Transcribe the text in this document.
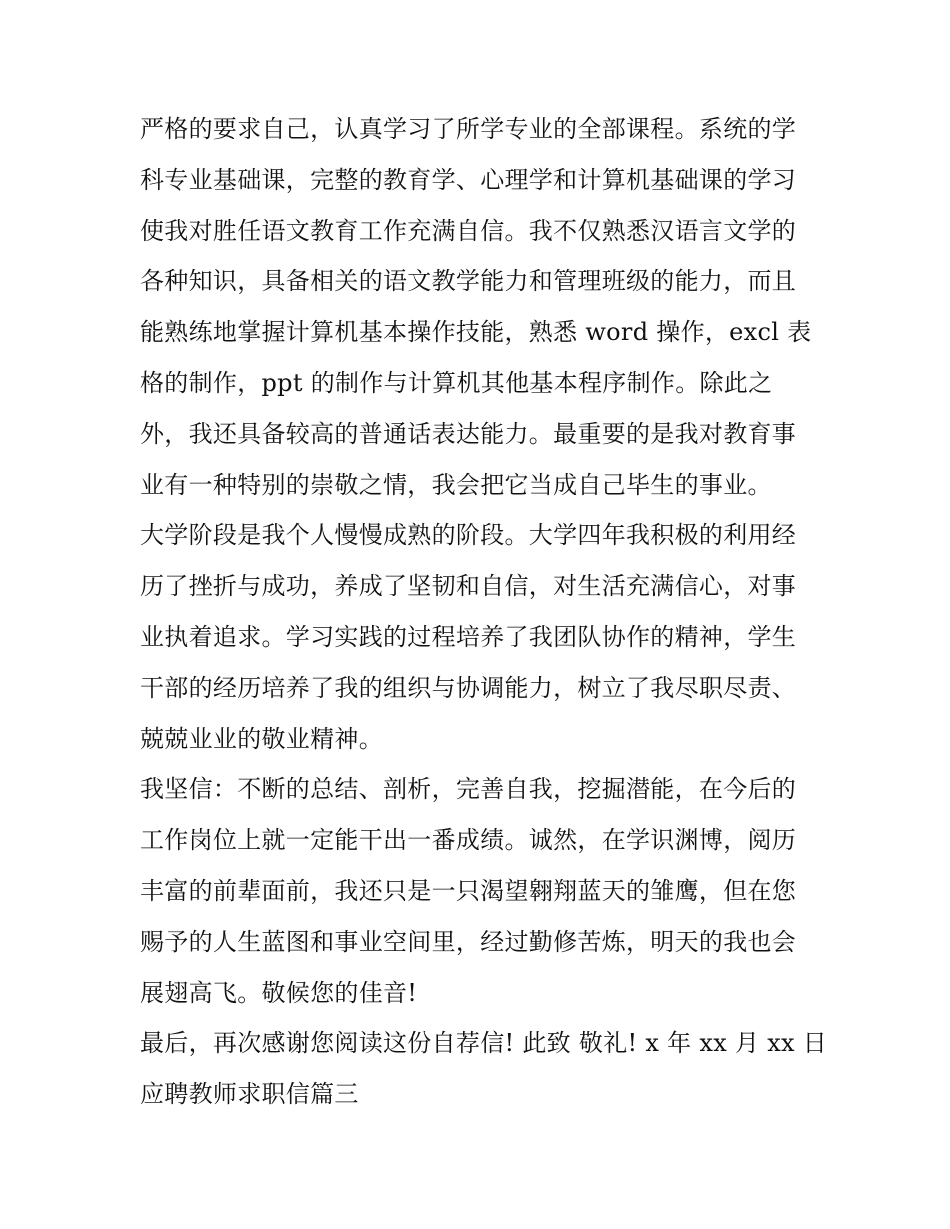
严格的要求自己，认真学习了所学专业的全部课程。系统的学
科专业基础课，完整的教育学、心理学和计算机基础课的学习
使我对胜任语文教育工作充满自信。我不仅熟悉汉语言文学的
各种知识，具备相关的语文教学能力和管理班级的能力，而且
能熟练地掌握计算机基本操作技能，熟悉 word 操作，excl 表
格的制作，ppt 的制作与计算机其他基本程序制作。除此之
外，我还具备较高的普通话表达能力。最重要的是我对教育事
业有一种特别的崇敬之情，我会把它当成自己毕生的事业。
大学阶段是我个人慢慢成熟的阶段。大学四年我积极的利用经
历了挫折与成功，养成了坚韧和自信，对生活充满信心，对事
业执着追求。学习实践的过程培养了我团队协作的精神，学生
干部的经历培养了我的组织与协调能力，树立了我尽职尽责、
兢兢业业的敬业精神。
我坚信：不断的总结、剖析，完善自我，挖掘潜能，在今后的
工作岗位上就一定能干出一番成绩。诚然，在学识渊博，阅历
丰富的前辈面前，我还只是一只渴望翱翔蓝天的雏鹰，但在您
赐予的人生蓝图和事业空间里，经过勤修苦炼，明天的我也会
展翅高飞。敬候您的佳音!
最后，再次感谢您阅读这份自荐信! 此致 敬礼! x 年 xx 月 xx 日
应聘教师求职信篇三
